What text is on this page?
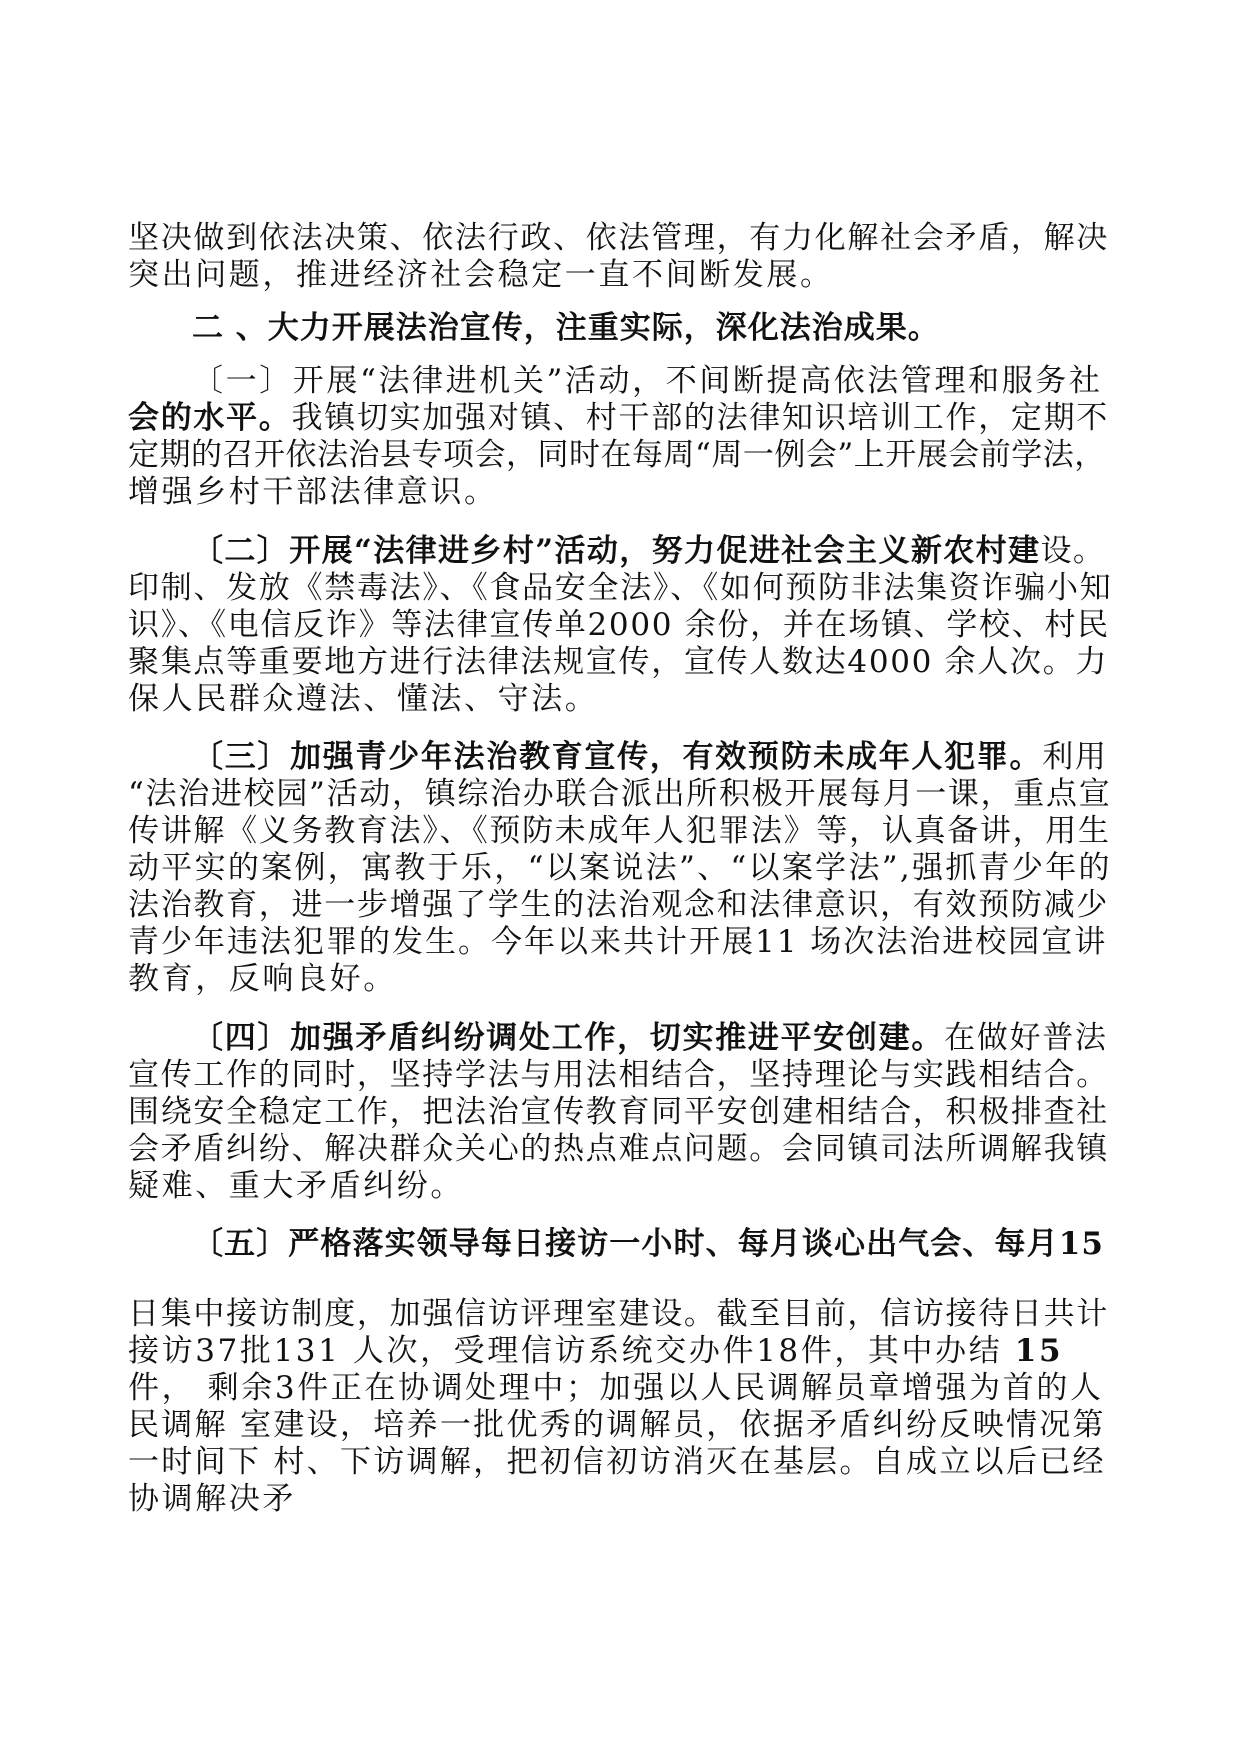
坚决做到依法决策、依法行政、依法管理，有力化解社会矛盾，解决
突出问题，推进经济社会稳定一直不间断发展。
二 、大力开展法治宣传，注重实际，深化法治成果。
〔一〕开展“法律进机关”活动，不间断提高依法管理和服务社
会的水平。我镇切实加强对镇、村干部的法律知识培训工作，定期不
定期的召开依法治县专项会，同时在每周“周一例会”上开展会前学法，
增强乡村干部法律意识。
〔二〕开展“法律进乡村”活动，努力促进社会主义新农村建设。
印制、发放《禁毒法》、《食品安全法》、《如何预防非法集资诈骗小知
识》、《电信反诈》等法律宣传单2000 余份，并在场镇、学校、村民
聚集点等重要地方进行法律法规宣传，宣传人数达4000 余人次。力
保人民群众遵法、懂法、守法。
〔三〕加强青少年法治教育宣传，有效预防未成年人犯罪。利用
“法治进校园”活动，镇综治办联合派出所积极开展每月一课，重点宣
传讲解《义务教育法》、《预防未成年人犯罪法》等，认真备讲，用生
动平实的案例，寓教于乐，“以案说法”、“以案学法”,强抓青少年的
法治教育，进一步增强了学生的法治观念和法律意识，有效预防减少
青少年违法犯罪的发生。今年以来共计开展11 场次法治进校园宣讲
教育，反响良好。
〔四〕加强矛盾纠纷调处工作，切实推进平安创建。在做好普法
宣传工作的同时，坚持学法与用法相结合，坚持理论与实践相结合。
围绕安全稳定工作，把法治宣传教育同平安创建相结合，积极排查社
会矛盾纠纷、解决群众关心的热点难点问题。会同镇司法所调解我镇
疑难、重大矛盾纠纷。
〔五〕严格落实领导每日接访一小时、每月谈心出气会、每月15
日集中接访制度，加强信访评理室建设。截至目前，信访接待日共计
接访37批131 人次，受理信访系统交办件18件，其中办结 15
件， 剩余3件正在协调处理中；加强以人民调解员章增强为首的人
民调解 室建设，培养一批优秀的调解员，依据矛盾纠纷反映情况第
一时间下 村、下访调解，把初信初访消灭在基层。自成立以后已经
协调解决矛
